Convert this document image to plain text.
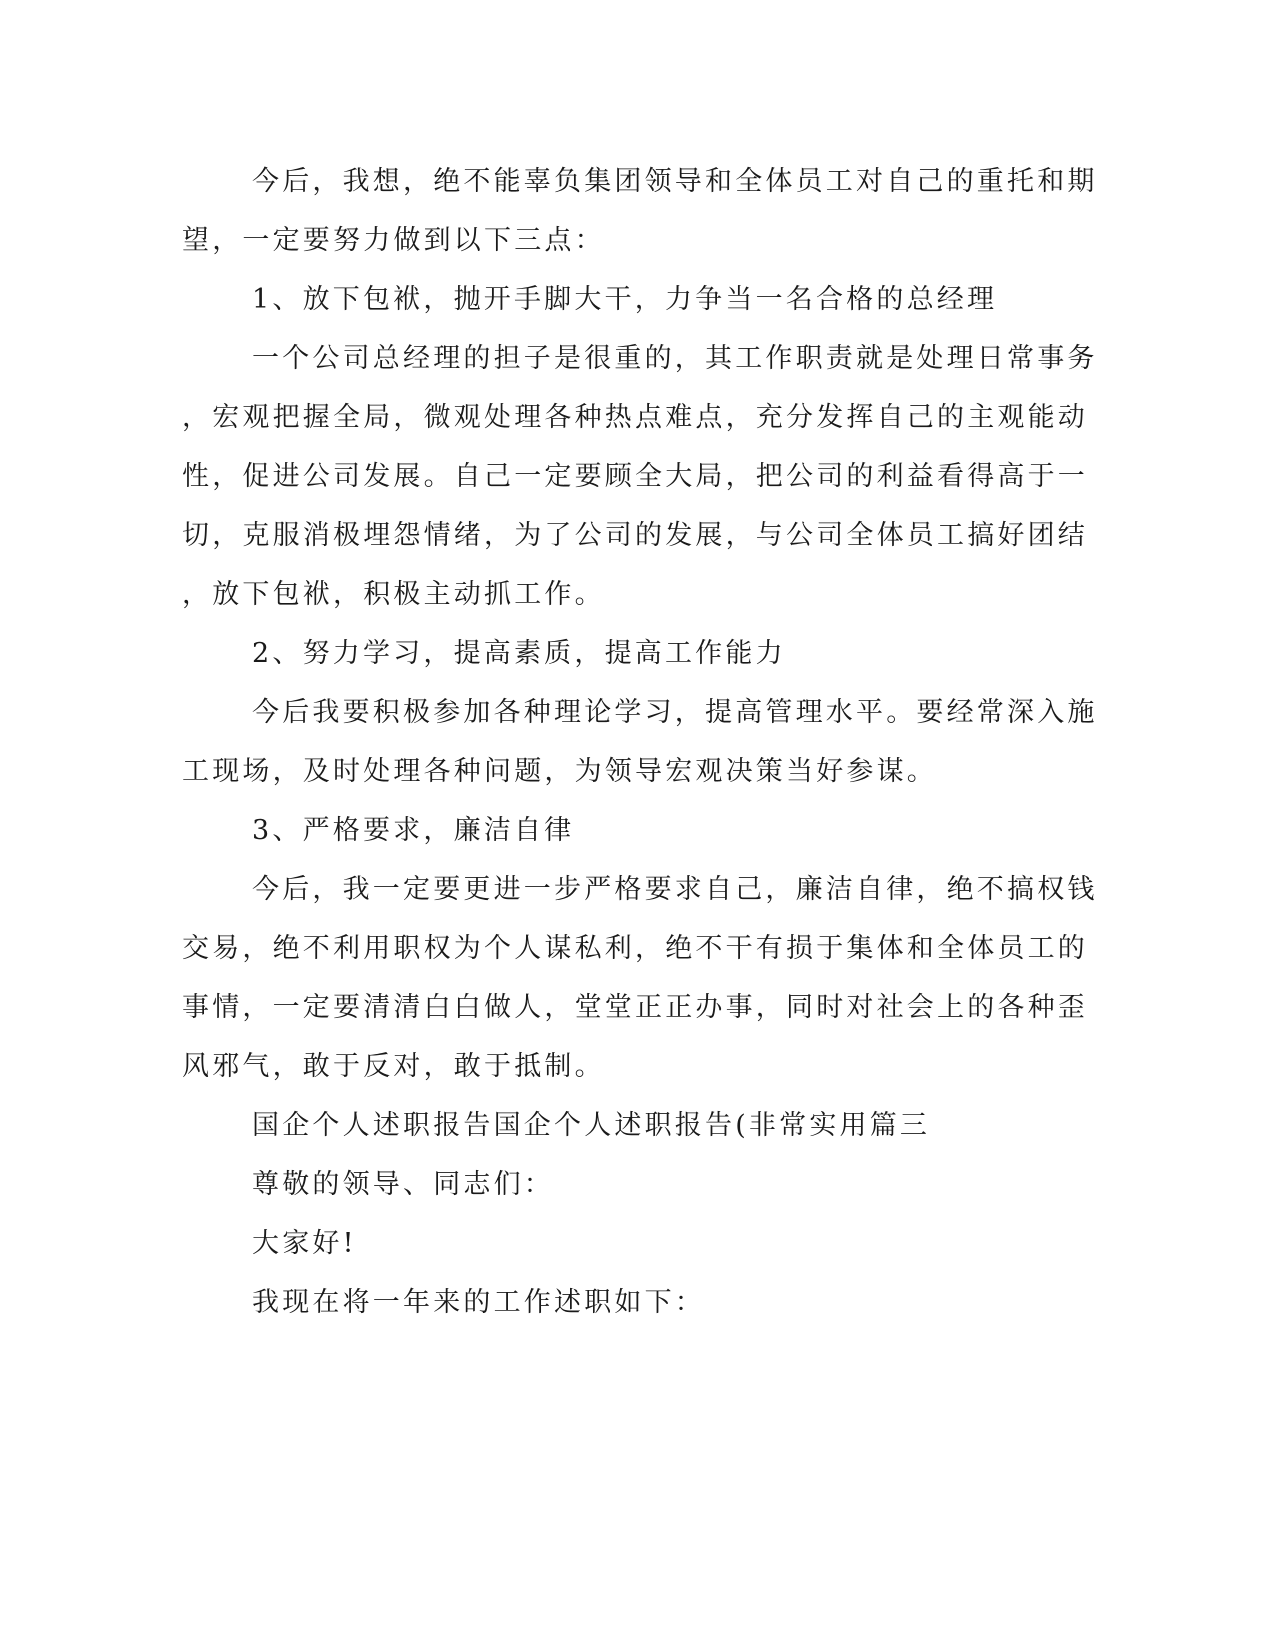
今后，我想，绝不能辜负集团领导和全体员工对自己的重托和期
望，一定要努力做到以下三点：
1、放下包袱，抛开手脚大干，力争当一名合格的总经理
一个公司总经理的担子是很重的，其工作职责就是处理日常事务
，宏观把握全局，微观处理各种热点难点，充分发挥自己的主观能动
性，促进公司发展。自己一定要顾全大局，把公司的利益看得高于一
切，克服消极埋怨情绪，为了公司的发展，与公司全体员工搞好团结
，放下包袱，积极主动抓工作。
2、努力学习，提高素质，提高工作能力
今后我要积极参加各种理论学习，提高管理水平。要经常深入施
工现场，及时处理各种问题，为领导宏观决策当好参谋。
3、严格要求，廉洁自律
今后，我一定要更进一步严格要求自己，廉洁自律，绝不搞权钱
交易，绝不利用职权为个人谋私利，绝不干有损于集体和全体员工的
事情，一定要清清白白做人，堂堂正正办事，同时对社会上的各种歪
风邪气，敢于反对，敢于抵制。
国企个人述职报告国企个人述职报告(非常实用篇三
尊敬的领导、同志们：
大家好!
我现在将一年来的工作述职如下：
